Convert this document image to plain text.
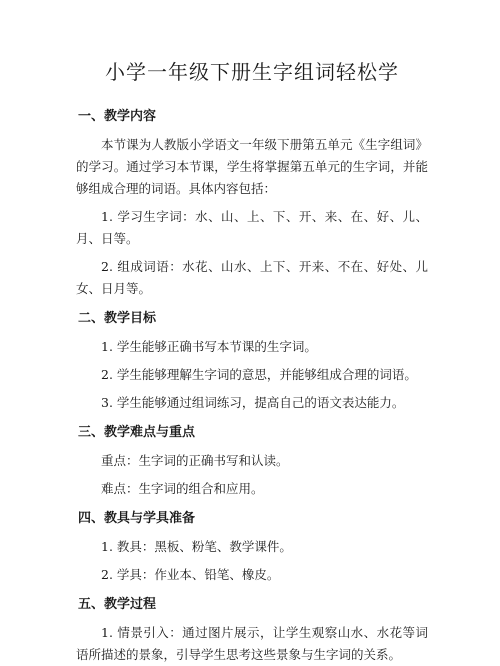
小学一年级下册生字组词轻松学

一、教学内容

本节课为人教版小学语文一年级下册第五单元《生字组词》的学习。通过学习本节课，学生将掌握第五单元的生字词，并能够组成合理的词语。具体内容包括：

1. 学习生字词：水、山、上、下、开、来、在、好、儿、月、日等。

2. 组成词语：水花、山水、上下、开来、不在、好处、儿女、日月等。

二、教学目标

1. 学生能够正确书写本节课的生字词。

2. 学生能够理解生字词的意思，并能够组成合理的词语。

3. 学生能够通过组词练习，提高自己的语文表达能力。

三、教学难点与重点

重点：生字词的正确书写和认读。

难点：生字词的组合和应用。

四、教具与学具准备

1. 教具：黑板、粉笔、教学课件。

2. 学具：作业本、铅笔、橡皮。

五、教学过程

1. 情景引入：通过图片展示，让学生观察山水、水花等词语所描述的景象，引导学生思考这些景象与生字词的关系。
